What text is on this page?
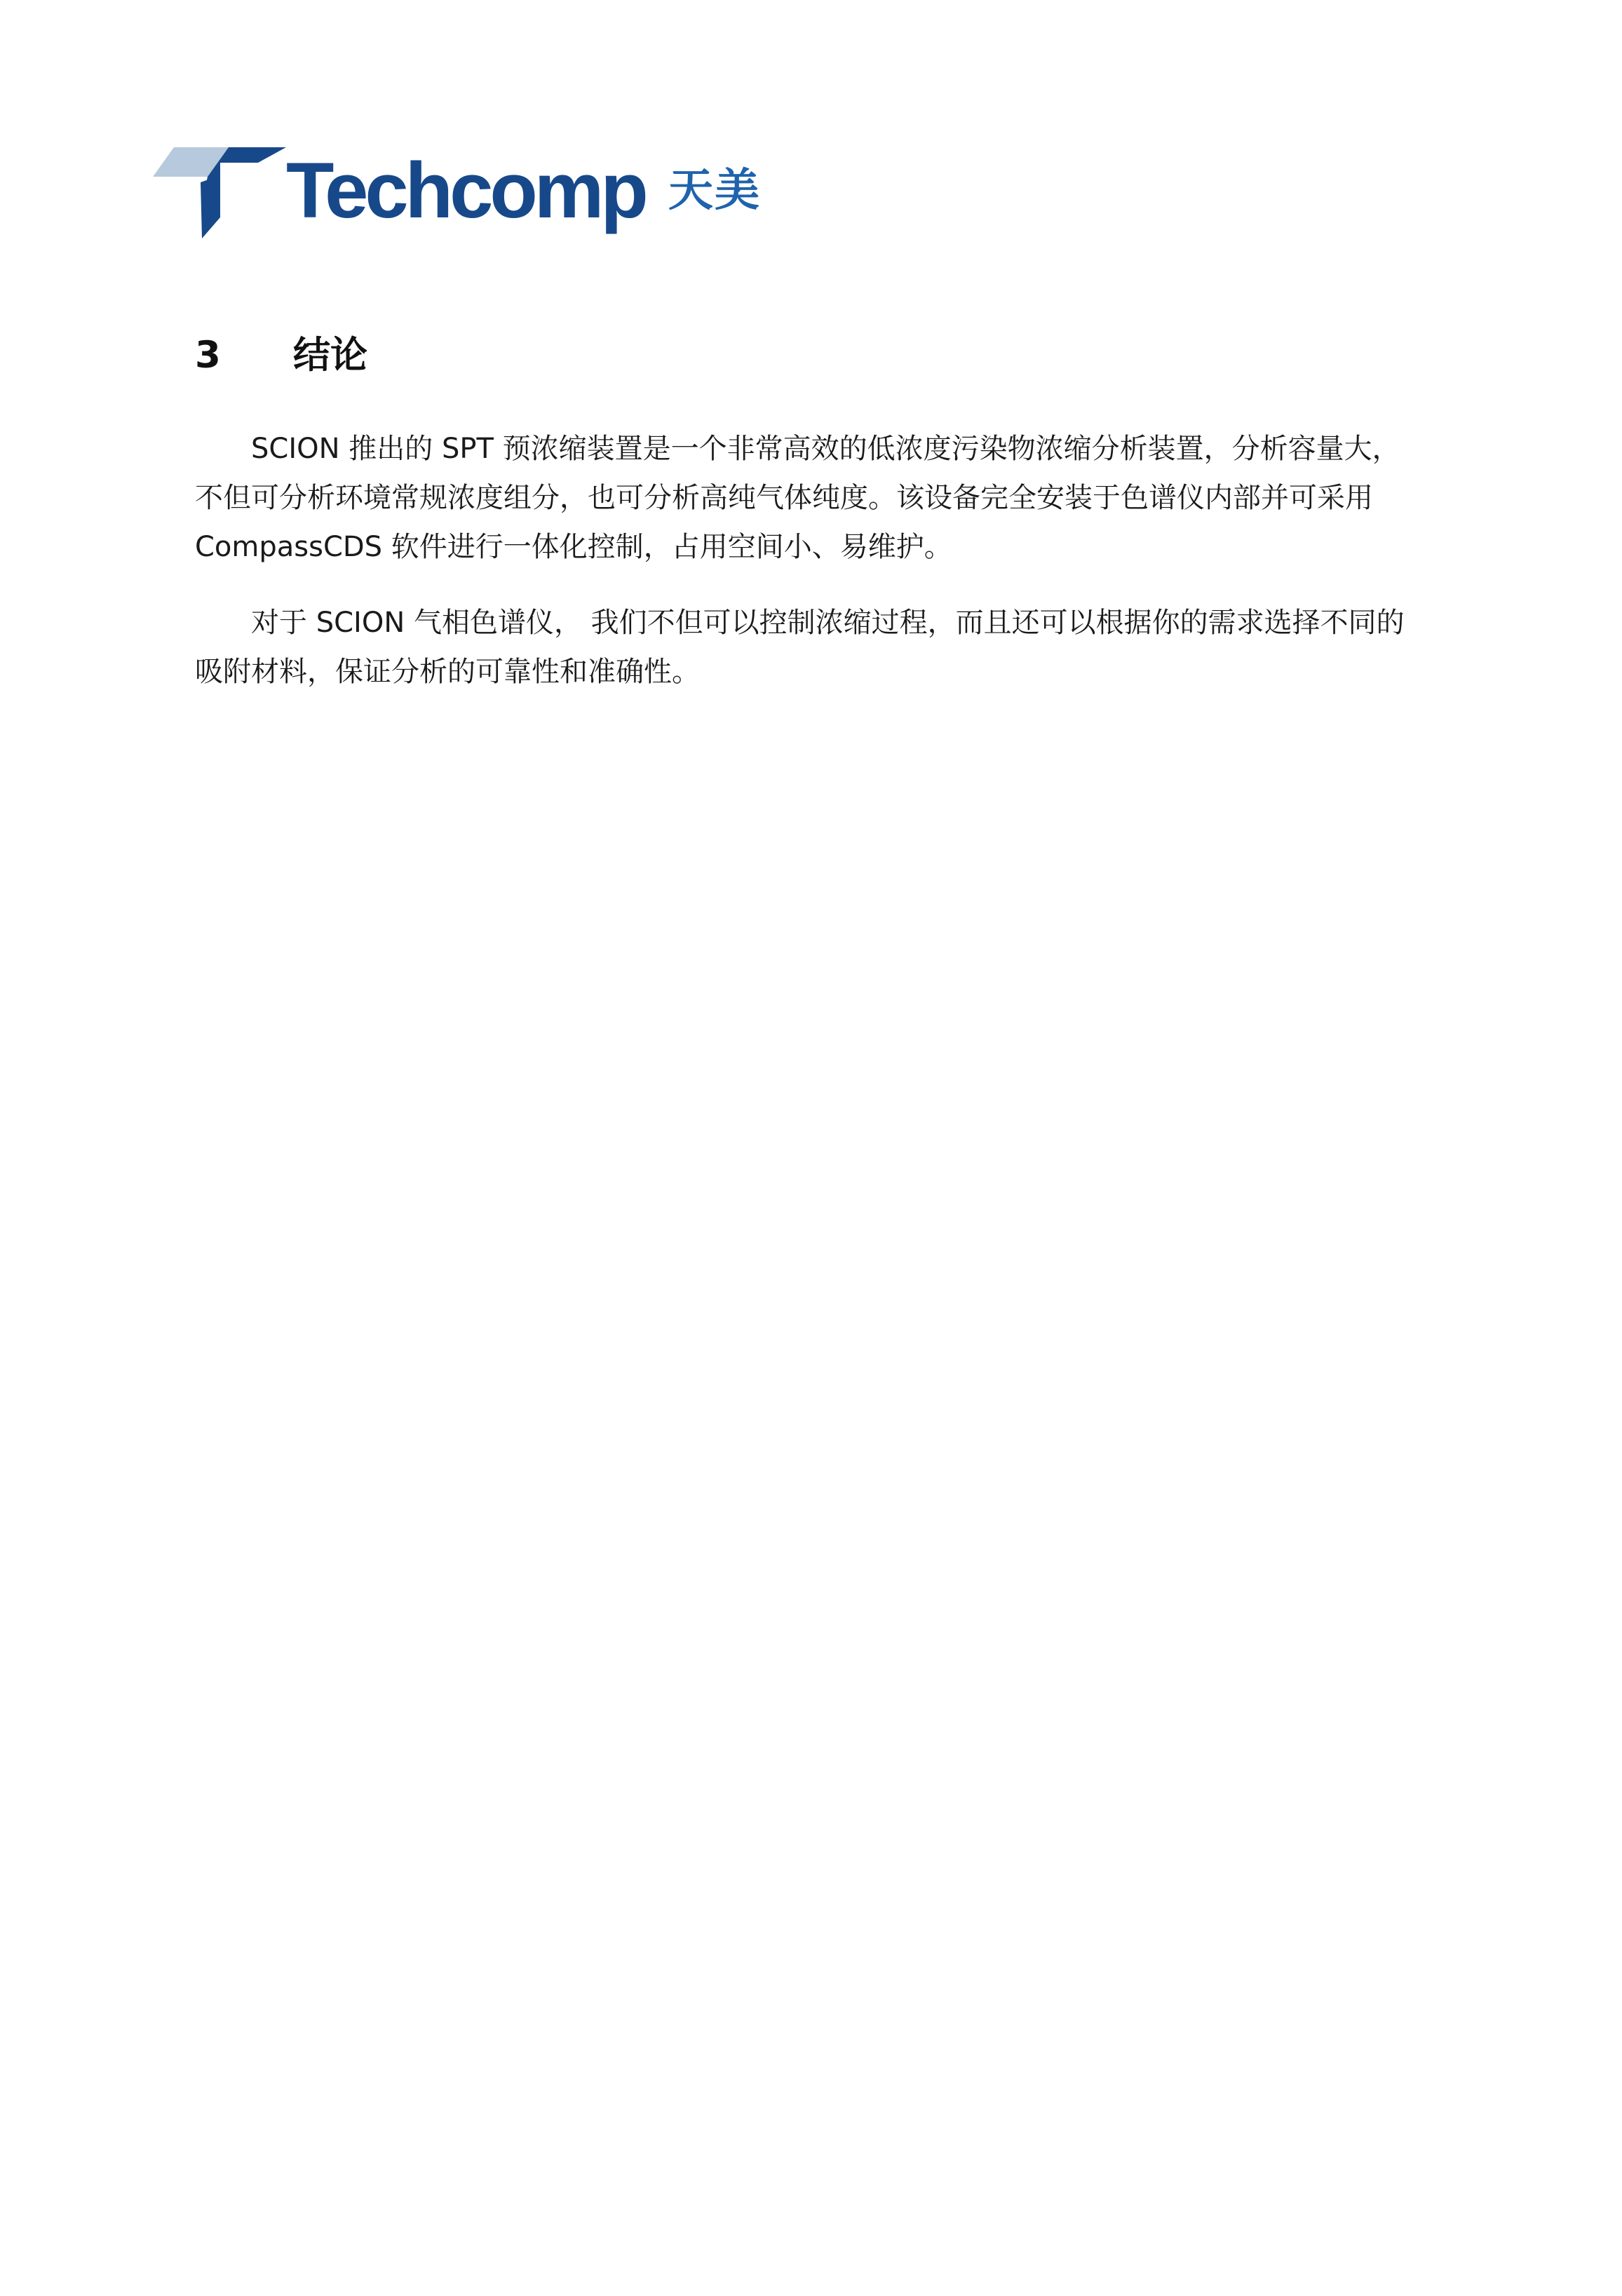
Techcomp 天美
3 结论

SCION 推出的 SPT 预浓缩装置是一个非常高效的低浓度污染物浓缩分析装置，分析容量大，
不但可分析环境常规浓度组分，也可分析高纯气体纯度。该设备完全安装于色谱仪内部并可采用
CompassCDS 软件进行一体化控制，占用空间小、易维护。

对于 SCION 气相色谱仪， 我们不但可以控制浓缩过程，而且还可以根据你的需求选择不同的
吸附材料，保证分析的可靠性和准确性。
